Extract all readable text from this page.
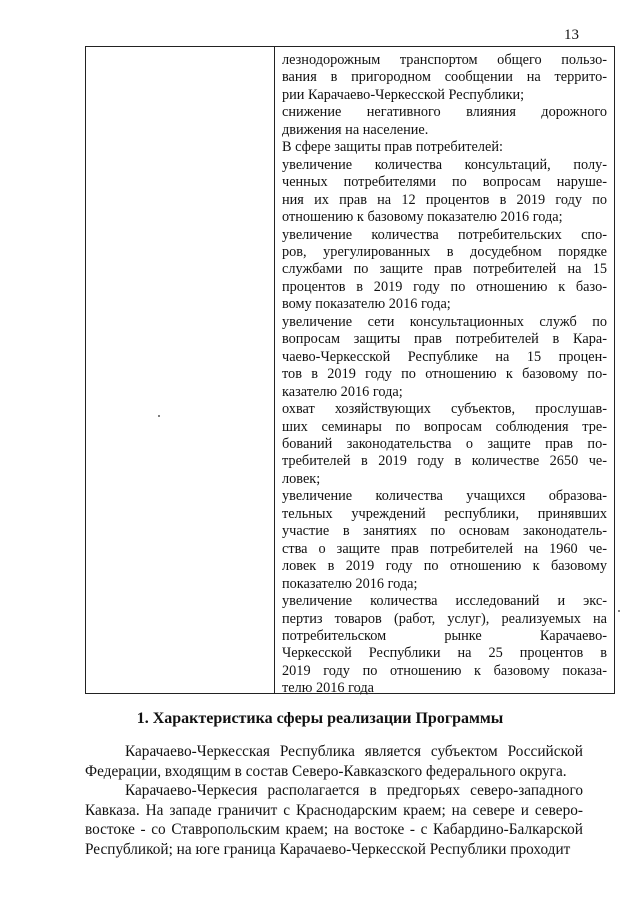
13
лезнодорожным транспортом общего пользо-
вания в пригородном сообщении на террито-
рии Карачаево-Черкесской Республики;
снижение негативного влияния дорожного
движения на население.
В сфере защиты прав потребителей:
увеличение количества консультаций, полу-
ченных потребителями по вопросам наруше-
ния их прав на 12 процентов в 2019 году по
отношению к базовому показателю 2016 года;
увеличение количества потребительских спо-
ров, урегулированных в досудебном порядке
службами по защите прав потребителей на 15
процентов в 2019 году по отношению к базо-
вому показателю 2016 года;
увеличение сети консультационных служб по
вопросам защиты прав потребителей в Кара-
чаево-Черкесской Республике на 15 процен-
тов в 2019 году по отношению к базовому по-
казателю 2016 года;
охват хозяйствующих субъектов, прослушав-
ших семинары по вопросам соблюдения тре-
бований законодательства о защите прав по-
требителей в 2019 году в количестве 2650 че-
ловек;
увеличение количества учащихся образова-
тельных учреждений республики, принявших
участие в занятиях по основам законодатель-
ства о защите прав потребителей на 1960 че-
ловек в 2019 году по отношению к базовому
показателю 2016 года;
увеличение количества исследований и экс-
пертиз товаров (работ, услуг), реализуемых на
потребительском рынке Карачаево-
Черкесской Республики на 25 процентов в
2019 году по отношению к базовому показа-
телю 2016 года
1. Характеристика сферы реализации Программы

Карачаево-Черкесская Республика является субъектом Российской Федерации, входящим в состав Северо-Кавказского федерального округа.

Карачаево-Черкесия располагается в предгорьях северо-западного Кавказа. На западе граничит с Краснодарским краем; на севере и северо-востоке - со Ставропольским краем; на востоке - с Кабардино-Балкарской Республикой; на юге граница Карачаево-Черкесской Республики проходит
